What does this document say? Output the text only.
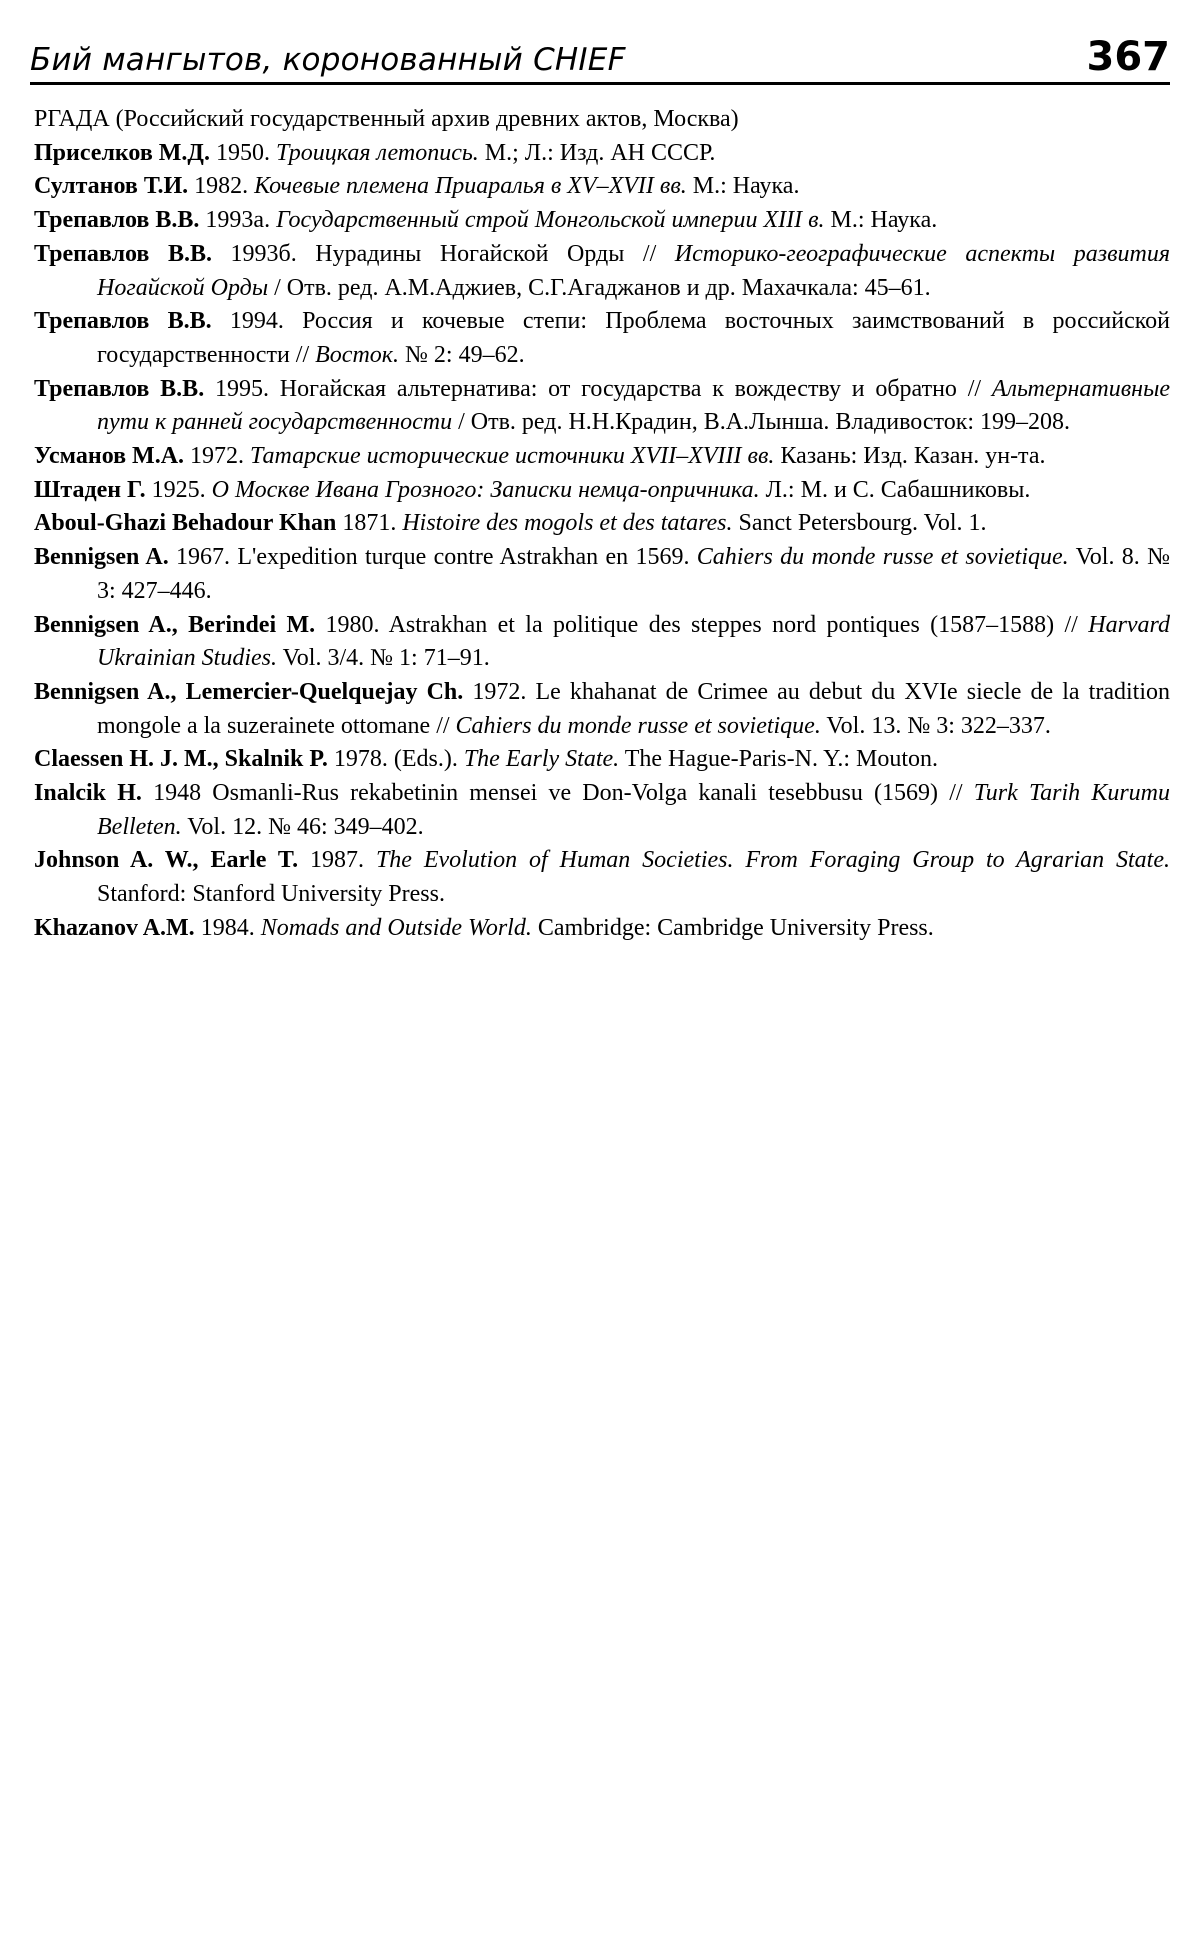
Бий мангытов, коронованный CHIEF	367

РГАДА (Российский государственный архив древних актов, Москва)

Приселков М.Д. 1950. Троицкая летопись. М.; Л.: Изд. АН СССР.

Султанов Т.И. 1982. Кочевые племена Приаралья в XV–XVII вв. М.: Наука.

Трепавлов В.В. 1993а. Государственный строй Монгольской империи XIII в. М.: Наука.

Трепавлов В.В. 1993б. Нурадины Ногайской Орды // Историко-географические аспекты развития Ногайской Орды / Отв. ред. А.М.Аджиев, С.Г.Агаджанов и др. Махачкала: 45–61.

Трепавлов В.В. 1994. Россия и кочевые степи: Проблема восточных заимствований в российской государственности // Восток. № 2: 49–62.

Трепавлов В.В. 1995. Ногайская альтернатива: от государства к вождеству и обратно // Альтернативные пути к ранней государственности / Отв. ред. Н.Н.Крадин, В.А.Лынша. Владивосток: 199–208.

Усманов М.А. 1972. Татарские исторические источники XVII–XVIII вв. Казань: Изд. Казан. ун-та.

Штаден Г. 1925. О Москве Ивана Грозного: Записки немца-опричника. Л.: М. и С. Сабашниковы.

Aboul-Ghazi Behadour Khan 1871. Histoire des mogols et des tatares. Sanct Petersbourg. Vol. 1.

Bennigsen A. 1967. L'expedition turque contre Astrakhan en 1569. Cahiers du monde russe et sovietique. Vol. 8. № 3: 427–446.

Bennigsen A., Berindei M. 1980. Astrakhan et la politique des steppes nord pontiques (1587–1588) // Harvard Ukrainian Studies. Vol. 3/4. № 1: 71–91.

Bennigsen A., Lemercier-Quelquejay Ch. 1972. Le khahanat de Crimee au debut du XVIe siecle de la tradition mongole a la suzerainete ottomane // Cahiers du monde russe et sovietique. Vol. 13. № 3: 322–337.

Claessen H. J. M., Skalnik P. 1978. (Eds.). The Early State. The Hague-Paris-N. Y.: Mouton.

Inalcik H. 1948 Osmanli-Rus rekabetinin mensei ve Don-Volga kanali tesebbusu (1569) // Turk Tarih Kurumu Belleten. Vol. 12. № 46: 349–402.

Johnson A. W., Earle T. 1987. The Evolution of Human Societies. From Foraging Group to Agrarian State. Stanford: Stanford University Press.

Khazanov A.M. 1984. Nomads and Outside World. Cambridge: Cambridge University Press.
